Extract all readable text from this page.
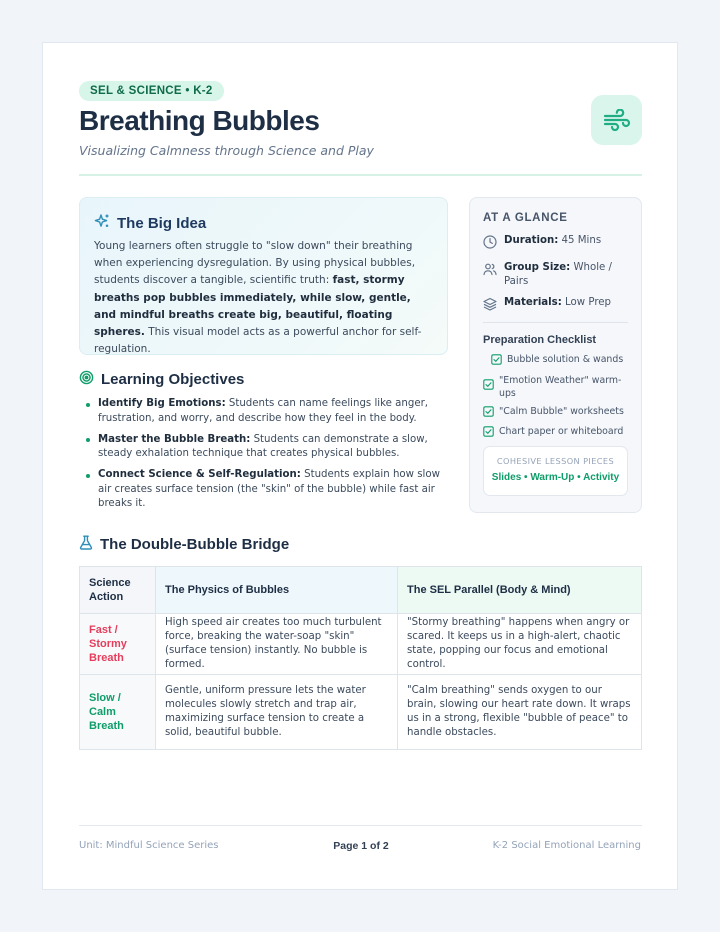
SEL & SCIENCE • K-2
Breathing Bubbles
Visualizing Calmness through Science and Play
The Big Idea

Young learners often struggle to "slow down" their breathing when experiencing dysregulation. By using physical bubbles, students discover a tangible, scientific truth: fast, stormy breaths pop bubbles immediately, while slow, gentle, and mindful breaths create big, beautiful, floating spheres. This visual model acts as a powerful anchor for self-regulation.

Learning Objectives
Identify Big Emotions: Students can name feelings like anger, frustration, and worry, and describe how they feel in the body.
Master the Bubble Breath: Students can demonstrate a slow, steady exhalation technique that creates physical bubbles.
Connect Science & Self-Regulation: Students explain how slow air creates surface tension (the "skin" of the bubble) while fast air breaks it.
AT A GLANCE
Duration: 45 Mins
Group Size: Whole / Pairs
Materials: Low Prep
Preparation Checklist
Bubble solution & wands
"Emotion Weather" warm-ups
"Calm Bubble" worksheets
Chart paper or whiteboard
COHESIVE LESSON PIECES
Slides • Warm-Up • Activity
The Double-Bubble Bridge
Science Action	The Physics of Bubbles	The SEL Parallel (Body & Mind)
Fast / Stormy Breath	High speed air creates too much turbulent force, breaking the water-soap "skin" (surface tension) instantly. No bubble is formed.	"Stormy breathing" happens when angry or scared. It keeps us in a high-alert, chaotic state, popping our focus and emotional control.
Slow / Calm Breath	Gentle, uniform pressure lets the water molecules slowly stretch and trap air, maximizing surface tension to create a solid, beautiful bubble.	"Calm breathing" sends oxygen to our brain, slowing our heart rate down. It wraps us in a strong, flexible "bubble of peace" to handle obstacles.
Unit: Mindful Science Series	Page 1 of 2	K-2 Social Emotional Learning
